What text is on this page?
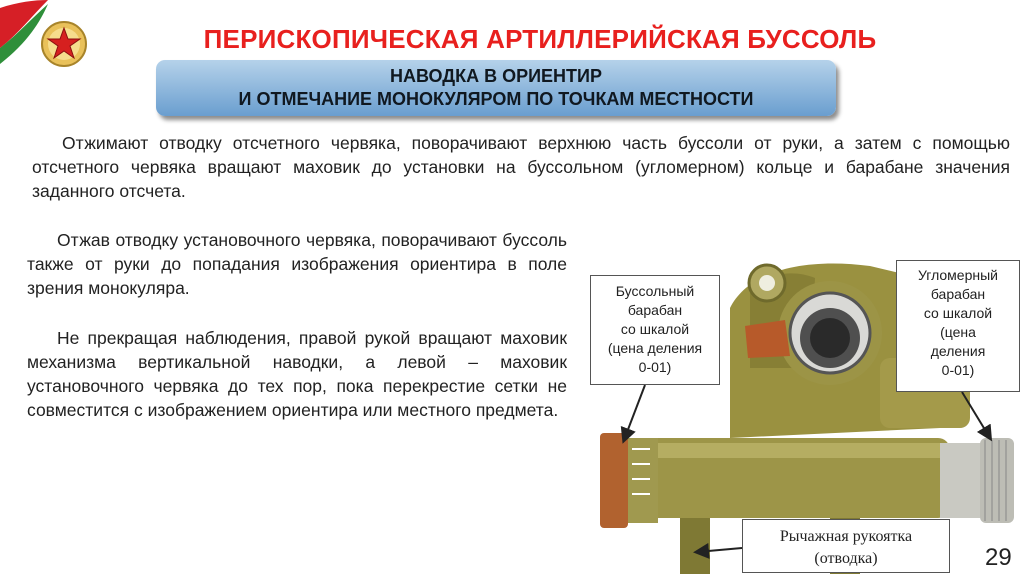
ПЕРИСКОПИЧЕСКАЯ АРТИЛЛЕРИЙСКАЯ БУССОЛЬ
НАВОДКА В ОРИЕНТИР
И ОТМЕЧАНИЕ МОНОКУЛЯРОМ ПО ТОЧКАМ МЕСТНОСТИ
Отжимают отводку отсчетного червяка, поворачивают верхнюю часть буссоли от руки, а затем с помощью отсчетного червяка вращают маховик до установки на буссольном (угломерном) кольце и барабане значения заданного отсчета.
Отжав отводку установочного червяка, поворачивают буссоль также от руки до попадания изображения ориентира в поле зрения монокуляра.
Не прекращая наблюдения, правой рукой вращают маховик механизма вертикальной наводки, а левой – маховик установочного червяка до тех пор, пока перекрестие сетки не совместится с изображением ориентира или местного предмета.
Буссольный
барабан
со шкалой
(цена деления
0-01)
Угломерный
барабан
со шкалой
(цена
деления
0-01)
Рычажная рукоятка
(отводка)	29
